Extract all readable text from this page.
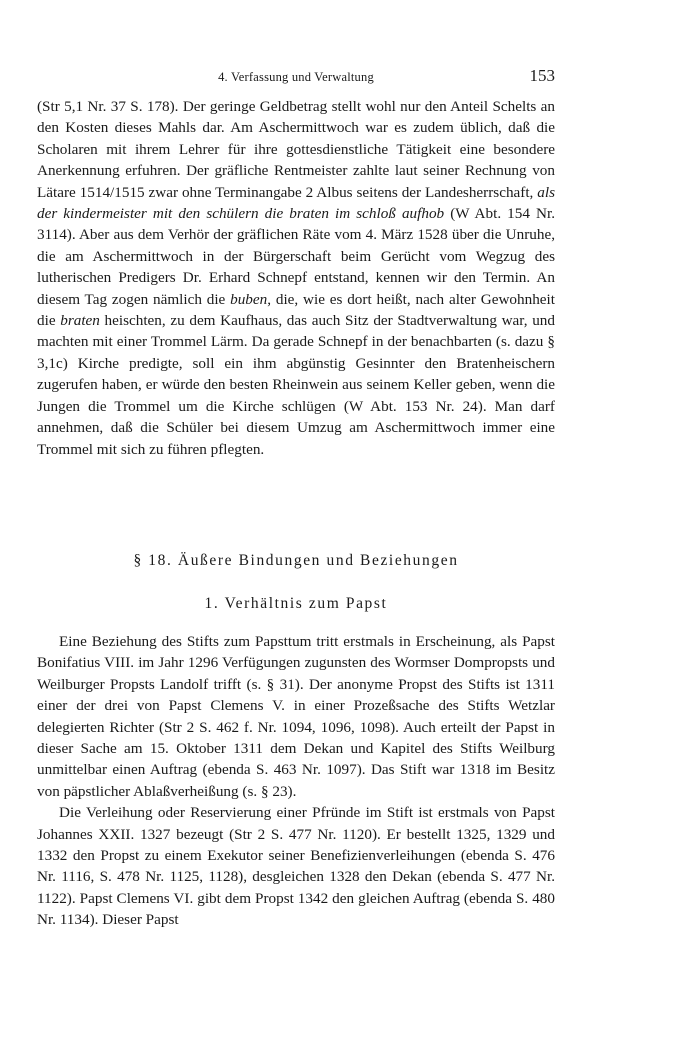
4. Verfassung und Verwaltung	153

(Str 5,1 Nr. 37 S. 178). Der geringe Geldbetrag stellt wohl nur den Anteil Schelts an den Kosten dieses Mahls dar. Am Aschermittwoch war es zudem üblich, daß die Scholaren mit ihrem Lehrer für ihre gottesdienstliche Tätigkeit eine besondere Anerkennung erfuhren. Der gräfliche Rentmeister zahlte laut seiner Rechnung von Lätare 1514/1515 zwar ohne Terminangabe 2 Albus seitens der Landesherrschaft, als der kindermeister mit den schülern die braten im schloß aufhob (W Abt. 154 Nr. 3114). Aber aus dem Verhör der gräflichen Räte vom 4. März 1528 über die Unruhe, die am Aschermittwoch in der Bürgerschaft beim Gerücht vom Wegzug des lutherischen Predigers Dr. Erhard Schnepf entstand, kennen wir den Termin. An diesem Tag zogen nämlich die buben, die, wie es dort heißt, nach alter Gewohnheit die braten heischten, zu dem Kaufhaus, das auch Sitz der Stadtverwaltung war, und machten mit einer Trommel Lärm. Da gerade Schnepf in der benachbarten (s. dazu § 3,1c) Kirche predigte, soll ein ihm abgünstig Gesinnter den Bratenheischern zugerufen haben, er würde den besten Rheinwein aus seinem Keller geben, wenn die Jungen die Trommel um die Kirche schlügen (W Abt. 153 Nr. 24). Man darf annehmen, daß die Schüler bei diesem Umzug am Aschermittwoch immer eine Trommel mit sich zu führen pflegten.

§ 18. Äußere Bindungen und Beziehungen
1. Verhältnis zum Papst

Eine Beziehung des Stifts zum Papsttum tritt erstmals in Erscheinung, als Papst Bonifatius VIII. im Jahr 1296 Verfügungen zugunsten des Wormser Dompropsts und Weilburger Propsts Landolf trifft (s. § 31). Der anonyme Propst des Stifts ist 1311 einer der drei von Papst Clemens V. in einer Prozeßsache des Stifts Wetzlar delegierten Richter (Str 2 S. 462 f. Nr. 1094, 1096, 1098). Auch erteilt der Papst in dieser Sache am 15. Oktober 1311 dem Dekan und Kapitel des Stifts Weilburg unmittelbar einen Auftrag (ebenda S. 463 Nr. 1097). Das Stift war 1318 im Besitz von päpstlicher Ablaßverheißung (s. § 23).

Die Verleihung oder Reservierung einer Pfründe im Stift ist erstmals von Papst Johannes XXII. 1327 bezeugt (Str 2 S. 477 Nr. 1120). Er bestellt 1325, 1329 und 1332 den Propst zu einem Exekutor seiner Benefizienverleihungen (ebenda S. 476 Nr. 1116, S. 478 Nr. 1125, 1128), desgleichen 1328 den Dekan (ebenda S. 477 Nr. 1122). Papst Clemens VI. gibt dem Propst 1342 den gleichen Auftrag (ebenda S. 480 Nr. 1134). Dieser Papst
